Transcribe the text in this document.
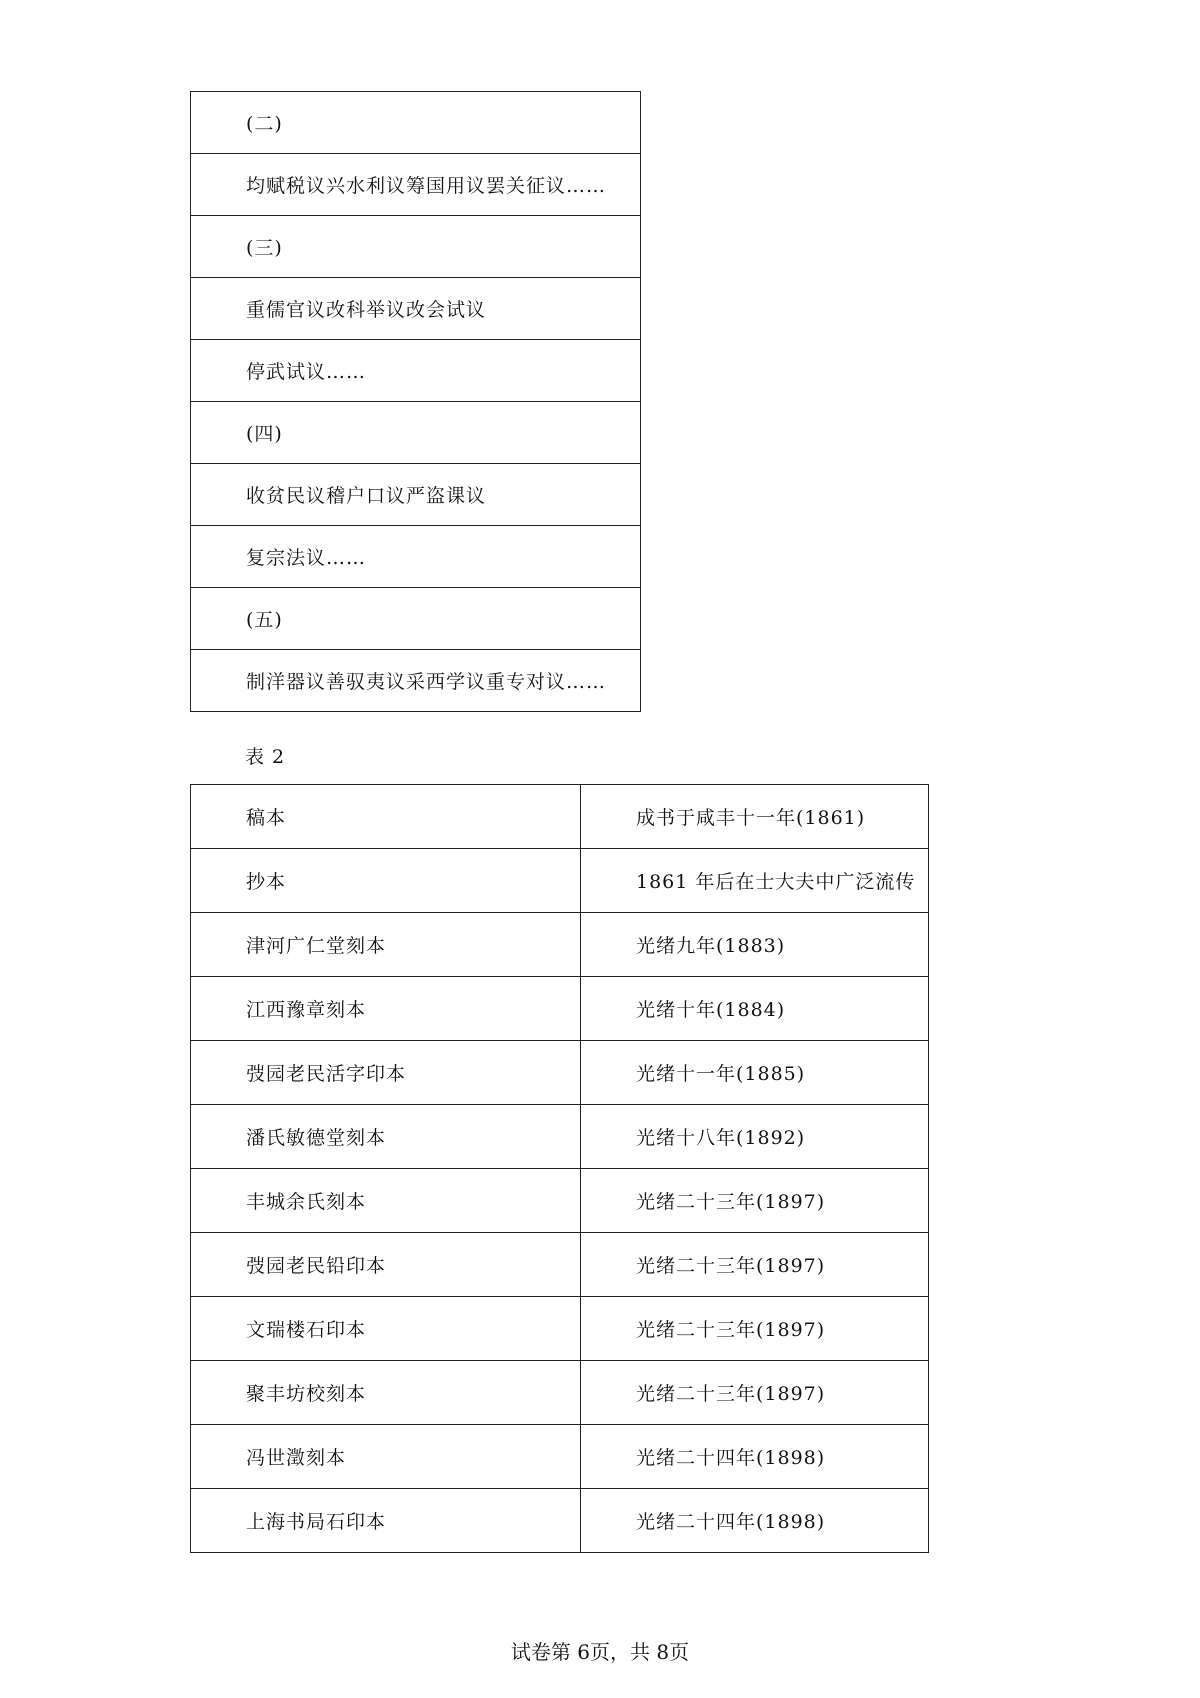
(二)
均赋税议兴水利议筹国用议罢关征议……
(三)
重儒官议改科举议改会试议
停武试议……
(四)
收贫民议稽户口议严盗课议
复宗法议……
(五)
制洋器议善驭夷议采西学议重专对议……
表 2
稿本	成书于咸丰十一年(1861)
抄本	1861 年后在士大夫中广泛流传
津河广仁堂刻本	光绪九年(1883)
江西豫章刻本	光绪十年(1884)
弢园老民活字印本	光绪十一年(1885)
潘氏敏德堂刻本	光绪十八年(1892)
丰城余氏刻本	光绪二十三年(1897)
弢园老民铅印本	光绪二十三年(1897)
文瑞楼石印本	光绪二十三年(1897)
聚丰坊校刻本	光绪二十三年(1897)
冯世澂刻本	光绪二十四年(1898)
上海书局石印本	光绪二十四年(1898)
试卷第 6页，共 8页
